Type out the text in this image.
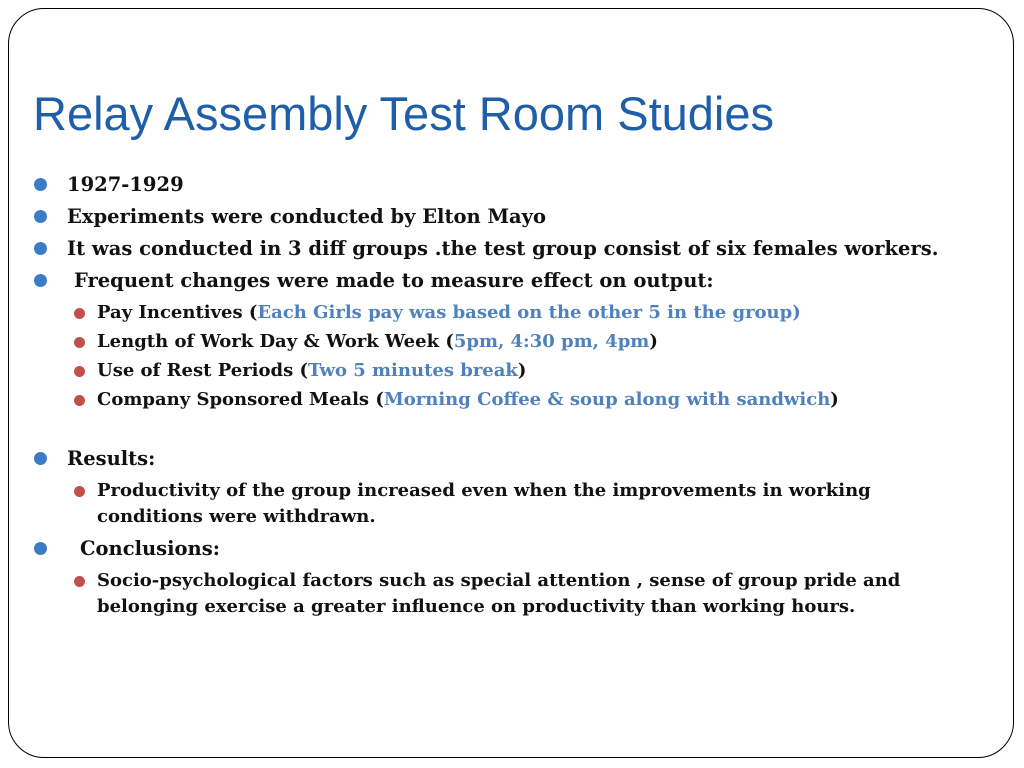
Relay Assembly Test Room Studies
1927-1929
Experiments were conducted by Elton Mayo
It was conducted in 3 diff groups .the test group consist of six females workers.
Frequent changes were made to measure effect on output:
Pay Incentives (Each Girls pay was based on the other 5 in the group)
Length of Work Day & Work Week (5pm, 4:30 pm, 4pm)
Use of Rest Periods (Two 5 minutes break)
Company Sponsored Meals (Morning Coffee & soup along with sandwich)
Results:
Productivity of the group increased even when the improvements in working conditions were withdrawn.
Conclusions:
Socio-psychological factors such as special attention , sense of group pride and belonging exercise a greater influence on productivity than working hours.
